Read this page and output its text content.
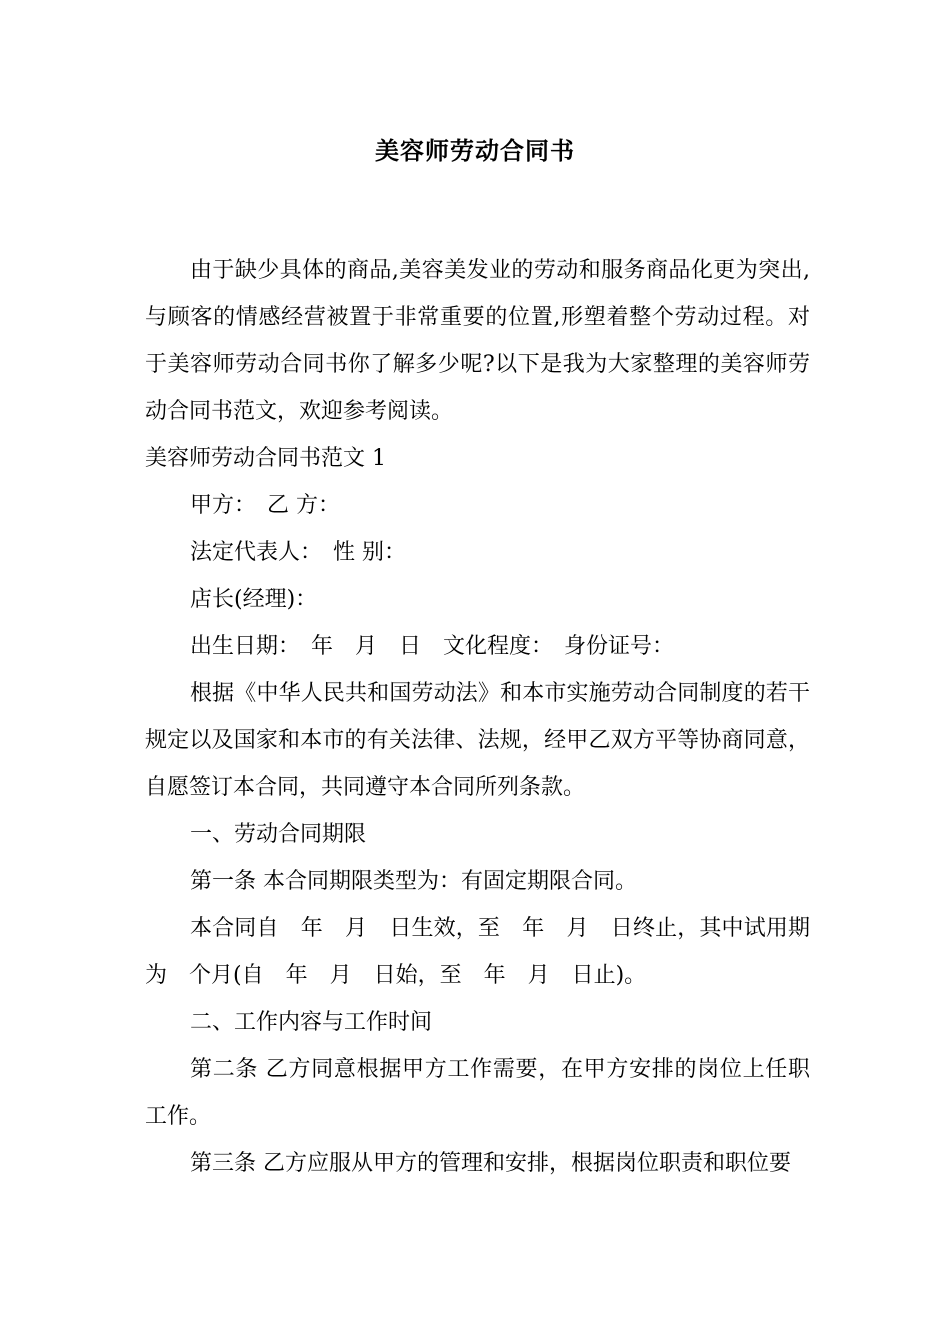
美容师劳动合同书

由于缺少具体的商品,美容美发业的劳动和服务商品化更为突出,与顾客的情感经营被置于非常重要的位置,形塑着整个劳动过程。对于美容师劳动合同书你了解多少呢?以下是我为大家整理的美容师劳动合同书范文，欢迎参考阅读。

美容师劳动合同书范文 1

甲方：　乙 方：

法定代表人：　性 别：

店长(经理)：

出生日期：　年　月　日　文化程度：　身份证号：

根据《中华人民共和国劳动法》和本市实施劳动合同制度的若干规定以及国家和本市的有关法律、法规，经甲乙双方平等协商同意，自愿签订本合同，共同遵守本合同所列条款。

一、劳动合同期限

第一条 本合同期限类型为：有固定期限合同。

本合同自　年　月　日生效，至　年　月　日终止，其中试用期为　个月(自　年　月　日始，至　年　月　日止)。

二、工作内容与工作时间

第二条 乙方同意根据甲方工作需要，在甲方安排的岗位上任职工作。

第三条 乙方应服从甲方的管理和安排，根据岗位职责和职位要
